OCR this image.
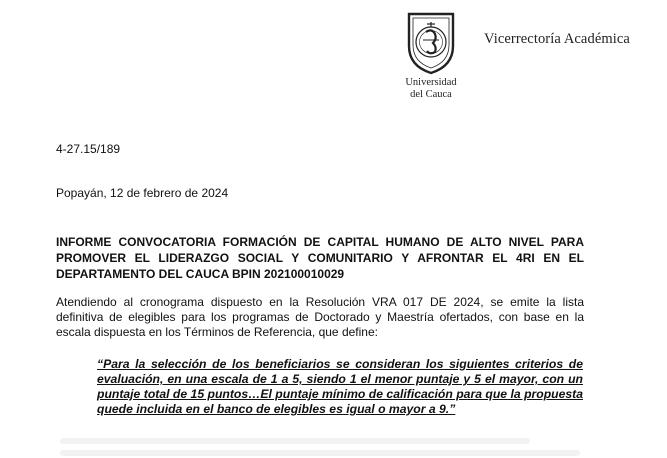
Universidad
del Cauca
Vicerrectoría Académica
4-27.15/189
Popayán, 12 de febrero de 2024
INFORME CONVOCATORIA FORMACIÓN DE CAPITAL HUMANO DE ALTO NIVEL PARA PROMOVER EL LIDERAZGO SOCIAL Y COMUNITARIO Y AFRONTAR EL 4RI EN EL DEPARTAMENTO DEL CAUCA BPIN 202100010029
Atendiendo al cronograma dispuesto en la Resolución VRA 017 DE 2024, se emite la lista definitiva de elegibles para los programas de Doctorado y Maestría ofertados, con base en la escala dispuesta en los Términos de Referencia, que define:
“Para la selección de los beneficiarios se consideran los siguientes criterios de evaluación, en una escala de 1 a 5, siendo 1 el menor puntaje y 5 el mayor, con un puntaje total de 15 puntos…El puntaje mínimo de calificación para que la propuesta quede incluida en el banco de elegibles es igual o mayor a 9.”
